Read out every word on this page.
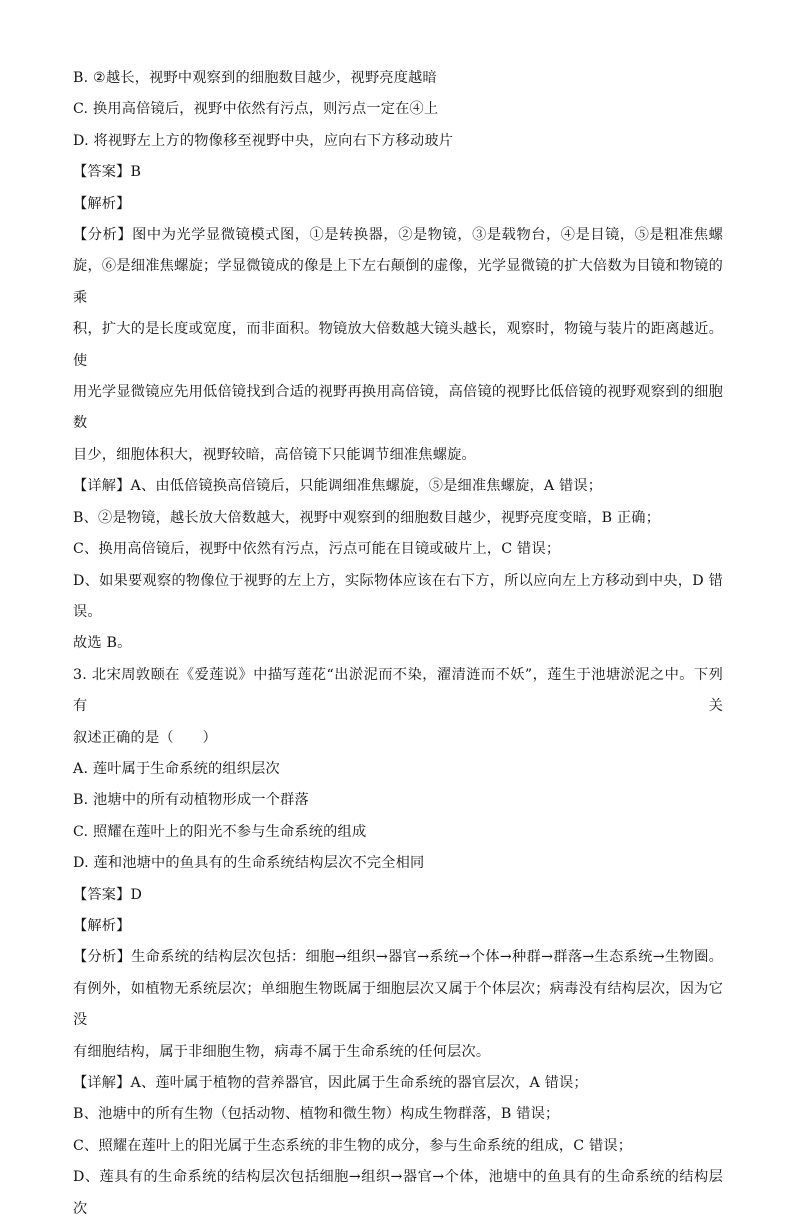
B. ②越长，视野中观察到的细胞数目越少，视野亮度越暗
C. 换用高倍镜后，视野中依然有污点，则污点一定在④上
D. 将视野左上方的物像移至视野中央，应向右下方移动玻片
【答案】B
【解析】
【分析】图中为光学显微镜模式图，①是转换器，②是物镜，③是载物台，④是目镜，⑤是粗准焦螺
旋，⑥是细准焦螺旋；学显微镜成的像是上下左右颠倒的虚像，光学显微镜的扩大倍数为目镜和物镜的乘
积，扩大的是长度或宽度，而非面积。物镜放大倍数越大镜头越长，观察时，物镜与装片的距离越近。使
用光学显微镜应先用低倍镜找到合适的视野再换用高倍镜，高倍镜的视野比低倍镜的视野观察到的细胞数
目少，细胞体积大，视野较暗，高倍镜下只能调节细准焦螺旋。
【详解】A、由低倍镜换高倍镜后，只能调细准焦螺旋，⑤是细准焦螺旋，A 错误；
B、②是物镜，越长放大倍数越大，视野中观察到的细胞数目越少，视野亮度变暗，B 正确；
C、换用高倍镜后，视野中依然有污点，污点可能在目镜或破片上，C 错误；
D、如果要观察的物像位于视野的左上方，实际物体应该在右下方，所以应向左上方移动到中央，D 错
误。
故选 B。
3. 北宋周敦颐在《爱莲说》中描写莲花“出淤泥而不染，濯清涟而不妖”，莲生于池塘淤泥之中。下列有关
叙述正确的是（　　）
A. 莲叶属于生命系统的组织层次
B. 池塘中的所有动植物形成一个群落
C. 照耀在莲叶上的阳光不参与生命系统的组成
D. 莲和池塘中的鱼具有的生命系统结构层次不完全相同
【答案】D
【解析】
【分析】生命系统的结构层次包括：细胞→组织→器官→系统→个体→种群→群落→生态系统→生物圈。
有例外，如植物无系统层次；单细胞生物既属于细胞层次又属于个体层次；病毒没有结构层次，因为它没
有细胞结构，属于非细胞生物，病毒不属于生命系统的任何层次。
【详解】A、莲叶属于植物的营养器官，因此属于生命系统的器官层次，A 错误；
B、池塘中的所有生物（包括动物、植物和微生物）构成生物群落，B 错误；
C、照耀在莲叶上的阳光属于生态系统的非生物的成分，参与生命系统的组成，C 错误；
D、莲具有的生命系统的结构层次包括细胞→组织→器官→个体，池塘中的鱼具有的生命系统的结构层次
